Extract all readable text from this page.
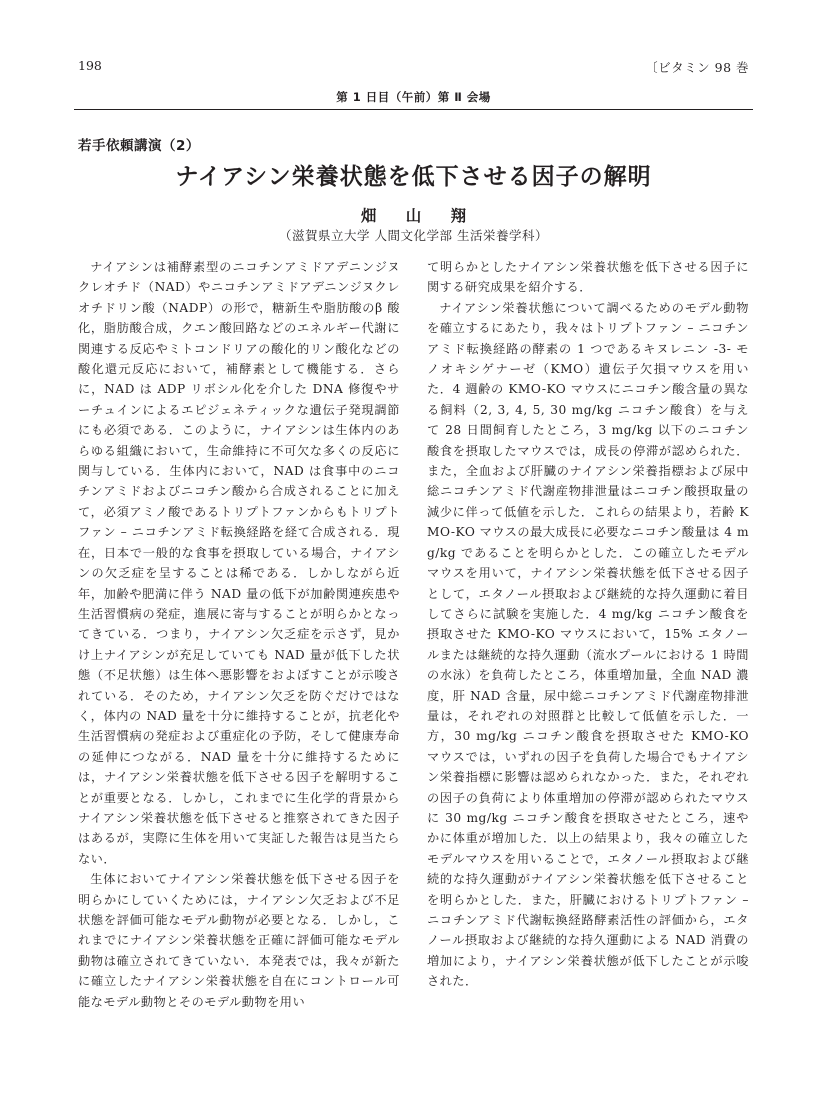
198	〔ビタミン 98 巻
第 1 日目（午前）第 Ⅱ 会場
若手依頼講演（2）
ナイアシン栄養状態を低下させる因子の解明
畑 山 翔
（滋賀県立大学 人間文化学部 生活栄養学科）

ナイアシンは補酵素型のニコチンアミドアデニンジヌクレオチド（NAD）やニコチンアミドアデニンジヌクレオチドリン酸（NADP）の形で，糖新生や脂肪酸のβ 酸化，脂肪酸合成，クエン酸回路などのエネルギー代謝に関連する反応やミトコンドリアの酸化的リン酸化などの酸化還元反応において，補酵素として機能する．さらに，NAD は ADP リボシル化を介した DNA 修復やサーチュインによるエピジェネティックな遺伝子発現調節にも必須である．このように，ナイアシンは生体内のあらゆる組織において，生命維持に不可欠な多くの反応に関与している．生体内において，NAD は食事中のニコチンアミドおよびニコチン酸から合成されることに加えて，必須アミノ酸であるトリプトファンからもトリプトファン – ニコチンアミド転換経路を経て合成される．現在，日本で一般的な食事を摂取している場合，ナイアシンの欠乏症を呈することは稀である．しかしながら近年，加齢や肥満に伴う NAD 量の低下が加齢関連疾患や生活習慣病の発症，進展に寄与することが明らかとなってきている．つまり，ナイアシン欠乏症を示さず，見かけ上ナイアシンが充足していても NAD 量が低下した状態（不足状態）は生体へ悪影響をおよぼすことが示唆されている．そのため，ナイアシン欠乏を防ぐだけではなく，体内の NAD 量を十分に維持することが，抗老化や生活習慣病の発症および重症化の予防，そして健康寿命の延伸につながる．NAD 量を十分に維持するためには，ナイアシン栄養状態を低下させる因子を解明することが重要となる．しかし，これまでに生化学的背景からナイアシン栄養状態を低下させると推察されてきた因子はあるが，実際に生体を用いて実証した報告は見当たらない．

生体においてナイアシン栄養状態を低下させる因子を明らかにしていくためには，ナイアシン欠乏および不足状態を評価可能なモデル動物が必要となる．しかし，これまでにナイアシン栄養状態を正確に評価可能なモデル動物は確立されてきていない．本発表では，我々が新たに確立したナイアシン栄養状態を自在にコントロール可能なモデル動物とそのモデル動物を用い

て明らかとしたナイアシン栄養状態を低下させる因子に関する研究成果を紹介する．

ナイアシン栄養状態について調べるためのモデル動物を確立するにあたり，我々はトリプトファン – ニコチンアミド転換経路の酵素の 1 つであるキヌレニン -3- モノオキシゲナーゼ（KMO）遺伝子欠損マウスを用いた．4 週齢の KMO-KO マウスにニコチン酸含量の異なる飼料（2, 3, 4, 5, 30 mg/kg ニコチン酸食）を与えて 28 日間飼育したところ，3 mg/kg 以下のニコチン酸食を摂取したマウスでは，成長の停滞が認められた．また，全血および肝臓のナイアシン栄養指標および尿中総ニコチンアミド代謝産物排泄量はニコチン酸摂取量の減少に伴って低値を示した．これらの結果より，若齢 KMO-KO マウスの最大成長に必要なニコチン酸量は 4 mg/kg であることを明らかとした．この確立したモデルマウスを用いて，ナイアシン栄養状態を低下させる因子として，エタノール摂取および継続的な持久運動に着目してさらに試験を実施した．4 mg/kg ニコチン酸食を摂取させた KMO-KO マウスにおいて，15% エタノールまたは継続的な持久運動（流水プールにおける 1 時間の水泳）を負荷したところ，体重増加量，全血 NAD 濃度，肝 NAD 含量，尿中総ニコチンアミド代謝産物排泄量は，それぞれの対照群と比較して低値を示した．一方，30 mg/kg ニコチン酸食を摂取させた KMO-KO マウスでは，いずれの因子を負荷した場合でもナイアシン栄養指標に影響は認められなかった．また，それぞれの因子の負荷により体重増加の停滞が認められたマウスに 30 mg/kg ニコチン酸食を摂取させたところ，速やかに体重が増加した．以上の結果より，我々の確立したモデルマウスを用いることで，エタノール摂取および継続的な持久運動がナイアシン栄養状態を低下させることを明らかとした．また，肝臓におけるトリプトファン – ニコチンアミド代謝転換経路酵素活性の評価から，エタノール摂取および継続的な持久運動による NAD 消費の増加により，ナイアシン栄養状態が低下したことが示唆された．
